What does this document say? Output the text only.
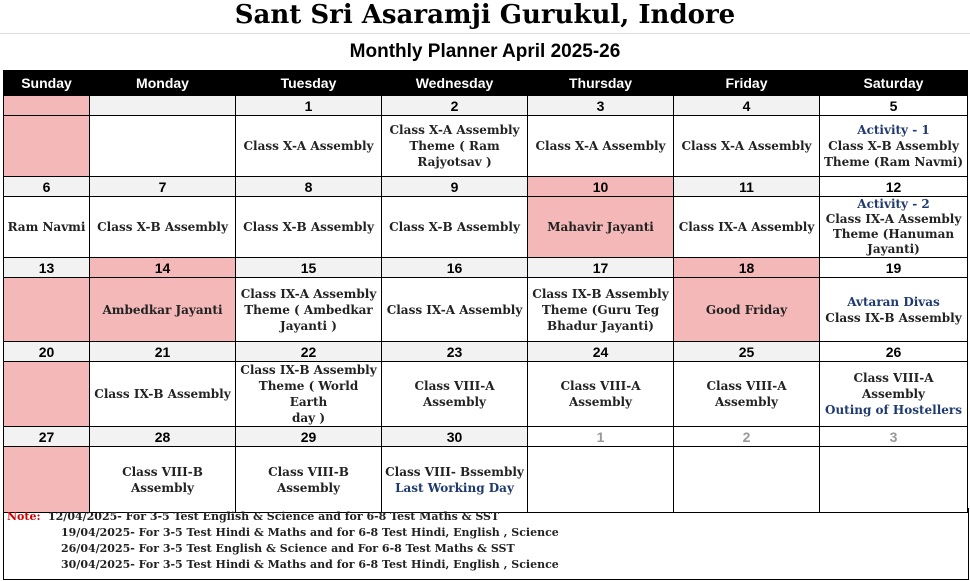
Sant Sri Asaramji Gurukul, Indore
Monthly Planner April 2025-26
Sunday	Monday	Tuesday	Wednesday	Thursday	Friday	Saturday
		1	2	3	4	5
		Class X-A Assembly	Class X-A Assembly
Theme ( Ram
Rajyotsav )	Class X-A Assembly	Class X-A Assembly	Activity - 1
Class X-B Assembly
Theme (Ram Navmi)
6	7	8	9	10	11	12
Ram Navmi	Class X-B Assembly	Class X-B Assembly	Class X-B Assembly	Mahavir Jayanti	Class IX-A Assembly	Activity - 2
Class IX-A Assembly
Theme (Hanuman
Jayanti)
13	14	15	16	17	18	19
	Ambedkar Jayanti	Class IX-A Assembly
Theme ( Ambedkar
Jayanti )	Class IX-A Assembly	Class IX-B Assembly
Theme (Guru Teg
Bhadur Jayanti)	Good Friday	Avtaran Divas
Class IX-B Assembly
20	21	22	23	24	25	26
	Class IX-B Assembly	Class IX-B Assembly
Theme ( World Earth
day )	Class VIII-A Assembly	Class VIII-A Assembly	Class VIII-A Assembly	Class VIII-A Assembly
Outing of Hostellers
27	28	29	30	1	2	3
	Class VIII-B Assembly	Class VIII-B Assembly	Class VIII- Bssembly
Last Working Day			
Note: 12/04/2025- For 3-5 Test English & Science and for 6-8 Test Maths & SST
19/04/2025- For 3-5 Test Hindi & Maths and for 6-8 Test Hindi, English , Science
26/04/2025- For 3-5 Test English & Science and For 6-8 Test Maths & SST
30/04/2025- For 3-5 Test Hindi & Maths and for 6-8 Test Hindi, English , Science
